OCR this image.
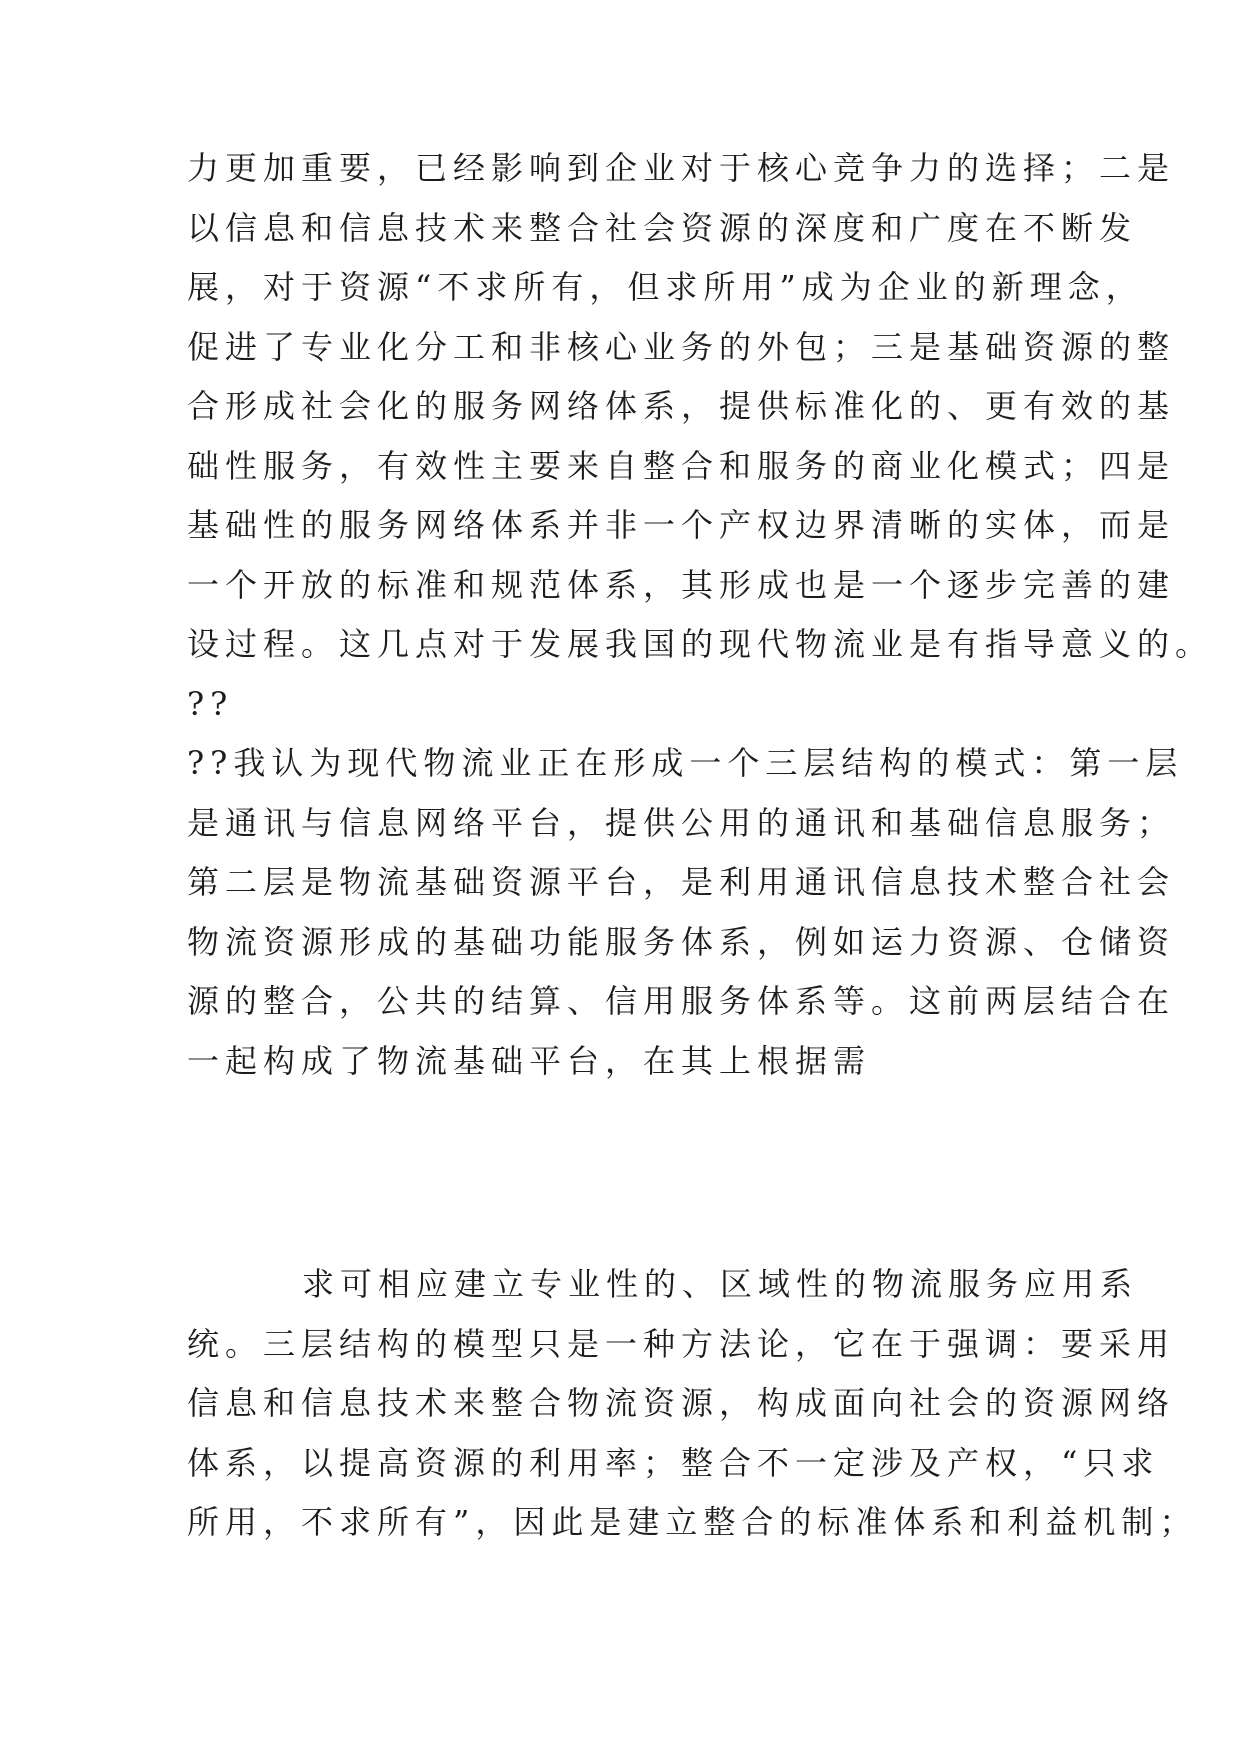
力更加重要，已经影响到企业对于核心竞争力的选择；二是
以信息和信息技术来整合社会资源的深度和广度在不断发
展，对于资源“不求所有，但求所用”成为企业的新理念，
促进了专业化分工和非核心业务的外包；三是基础资源的整
合形成社会化的服务网络体系，提供标准化的、更有效的基
础性服务，有效性主要来自整合和服务的商业化模式；四是
基础性的服务网络体系并非一个产权边界清晰的实体，而是
一个开放的标准和规范体系，其形成也是一个逐步完善的建
设过程。这几点对于发展我国的现代物流业是有指导意义的。
??
??我认为现代物流业正在形成一个三层结构的模式：第一层
是通讯与信息网络平台，提供公用的通讯和基础信息服务；
第二层是物流基础资源平台，是利用通讯信息技术整合社会
物流资源形成的基础功能服务体系，例如运力资源、仓储资
源的整合，公共的结算、信用服务体系等。这前两层结合在
一起构成了物流基础平台，在其上根据需
求可相应建立专业性的、区域性的物流服务应用系
统。三层结构的模型只是一种方法论，它在于强调：要采用
信息和信息技术来整合物流资源，构成面向社会的资源网络
体系，以提高资源的利用率；整合不一定涉及产权，“只求
所用，不求所有”，因此是建立整合的标准体系和利益机制；
